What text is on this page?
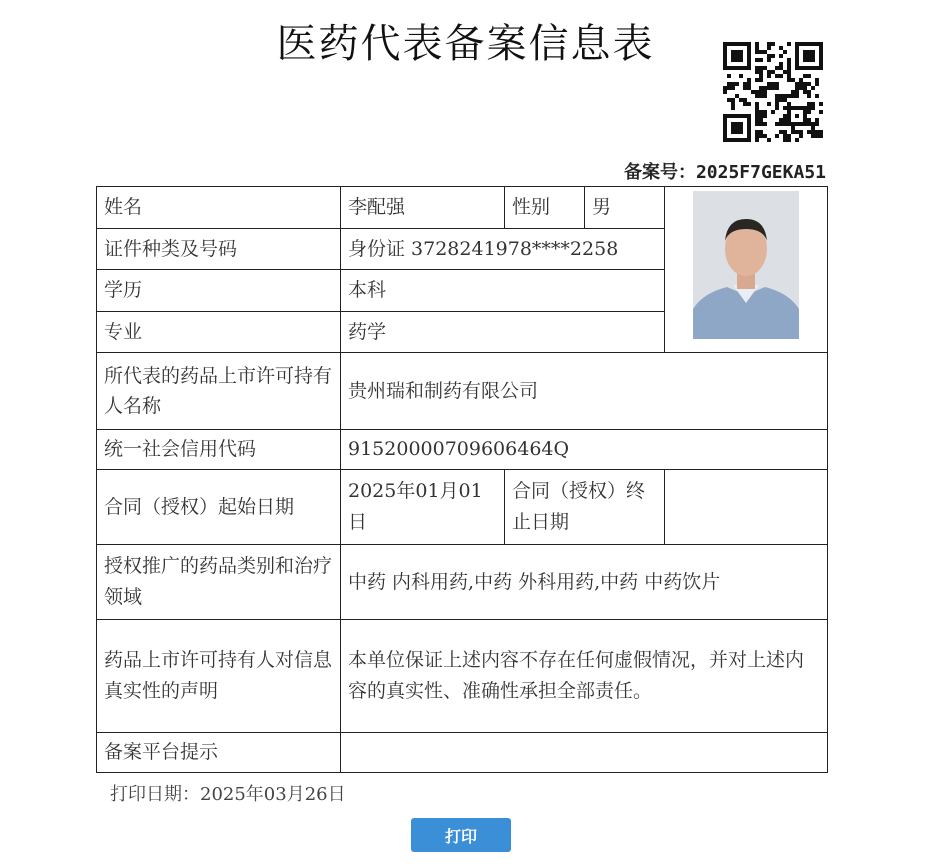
医药代表备案信息表
备案号：2025F7GEKA51
姓名	李配强	性别	男	
证件种类及号码	身份证 3728241978****2258			
学历	本科			
专业	药学			
所代表的药品上市许可持有人名称	贵州瑞和制药有限公司			
统一社会信用代码	91520000709606464Q			
合同（授权）起始日期	2025年01月01日	合同（授权）终止日期		
授权推广的药品类别和治疗领域	中药 内科用药,中药 外科用药,中药 中药饮片			
药品上市许可持有人对信息真实性的声明	本单位保证上述内容不存在任何虚假情况，并对上述内容的真实性、准确性承担全部责任。			
备案平台提示				
打印日期：2025年03月26日
打印
